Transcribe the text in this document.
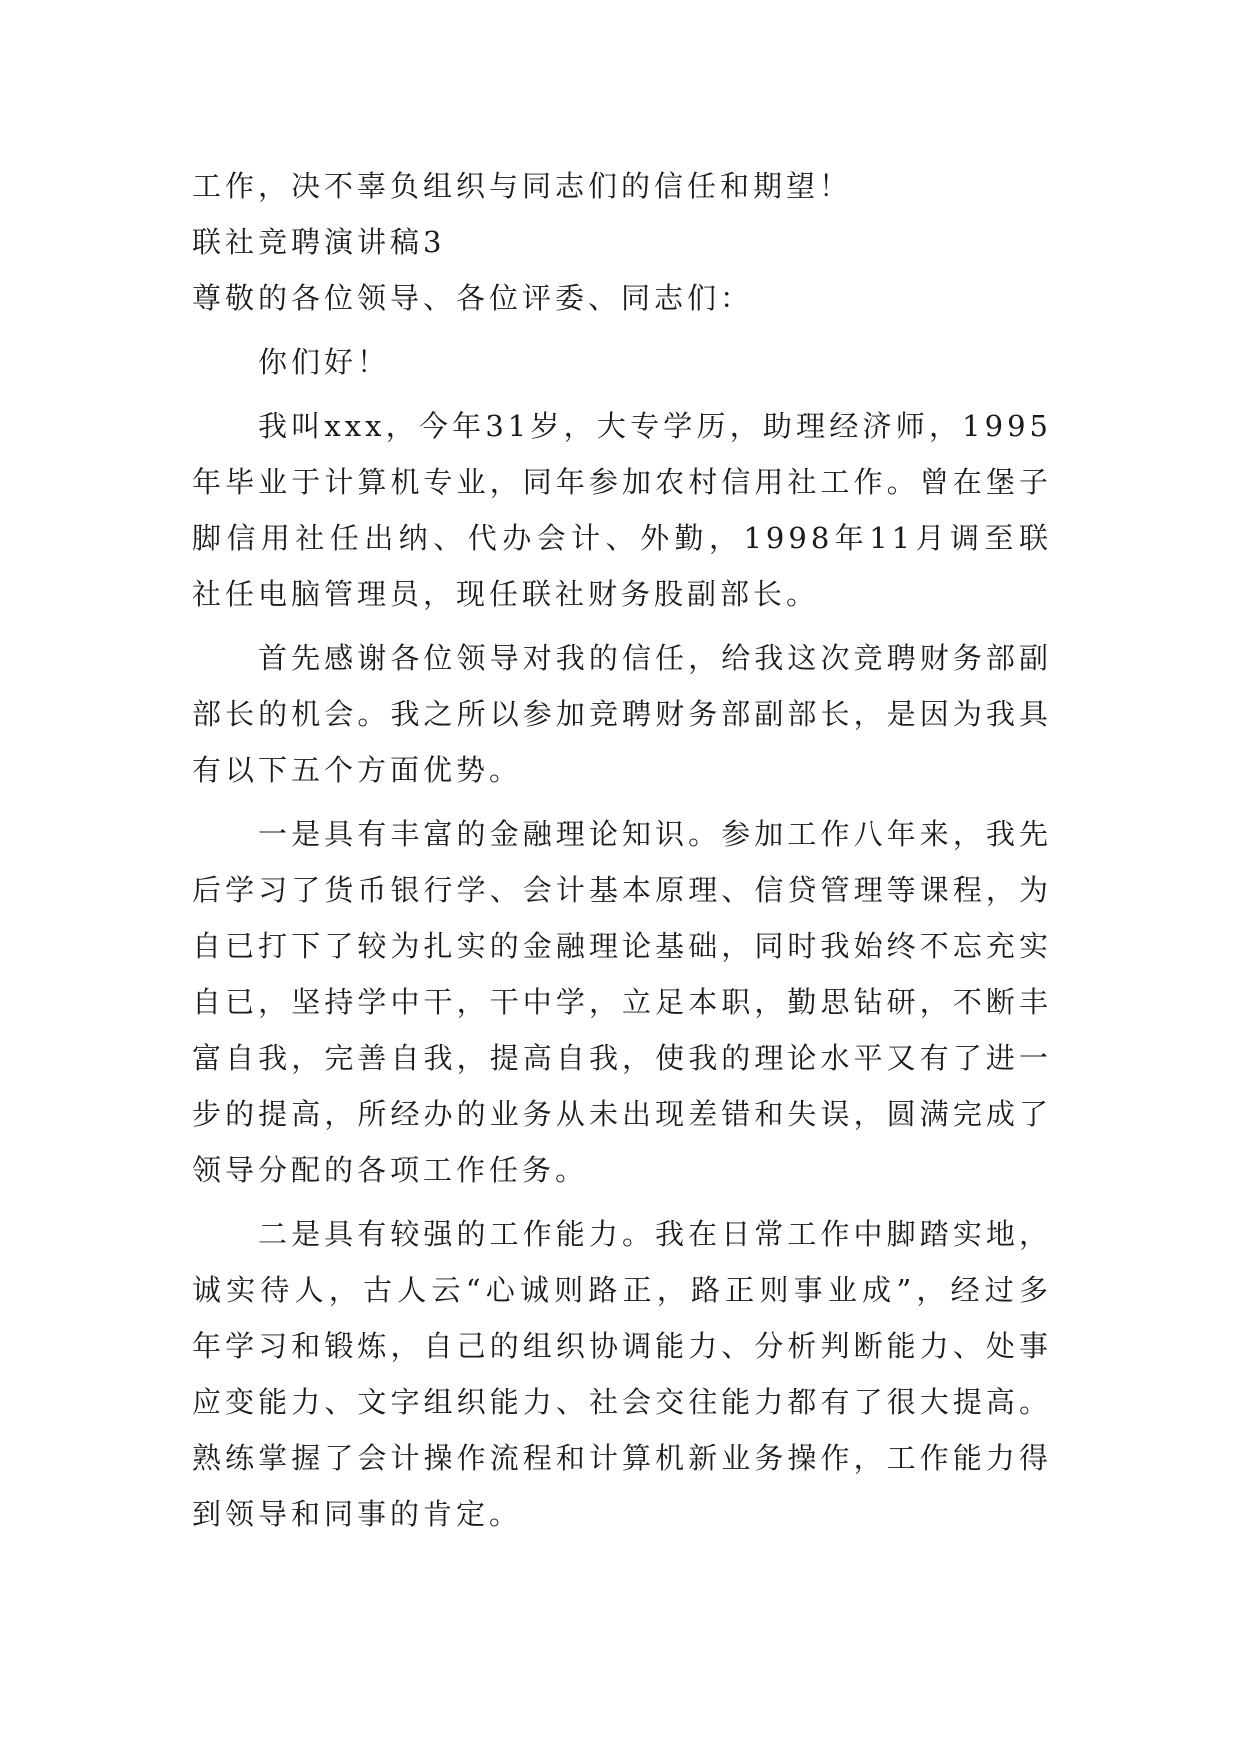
工作，决不辜负组织与同志们的信任和期望！

联社竞聘演讲稿3

尊敬的各位领导、各位评委、同志们：

你们好！

我叫xxx，今年31岁，大专学历，助理经济师，1995年毕业于计算机专业，同年参加农村信用社工作。曾在堡子脚信用社任出纳、代办会计、外勤，1998年11月调至联社任电脑管理员，现任联社财务股副部长。

首先感谢各位领导对我的信任，给我这次竞聘财务部副部长的机会。我之所以参加竞聘财务部副部长，是因为我具有以下五个方面优势。

一是具有丰富的金融理论知识。参加工作八年来，我先后学习了货币银行学、会计基本原理、信贷管理等课程，为自已打下了较为扎实的金融理论基础，同时我始终不忘充实自已，坚持学中干，干中学，立足本职，勤思钻研，不断丰富自我，完善自我，提高自我，使我的理论水平又有了进一步的提高，所经办的业务从未出现差错和失误，圆满完成了领导分配的各项工作任务。

二是具有较强的工作能力。我在日常工作中脚踏实地，诚实待人，古人云“心诚则路正，路正则事业成”，经过多年学习和锻炼，自己的组织协调能力、分析判断能力、处事应变能力、文字组织能力、社会交往能力都有了很大提高。熟练掌握了会计操作流程和计算机新业务操作，工作能力得到领导和同事的肯定。
